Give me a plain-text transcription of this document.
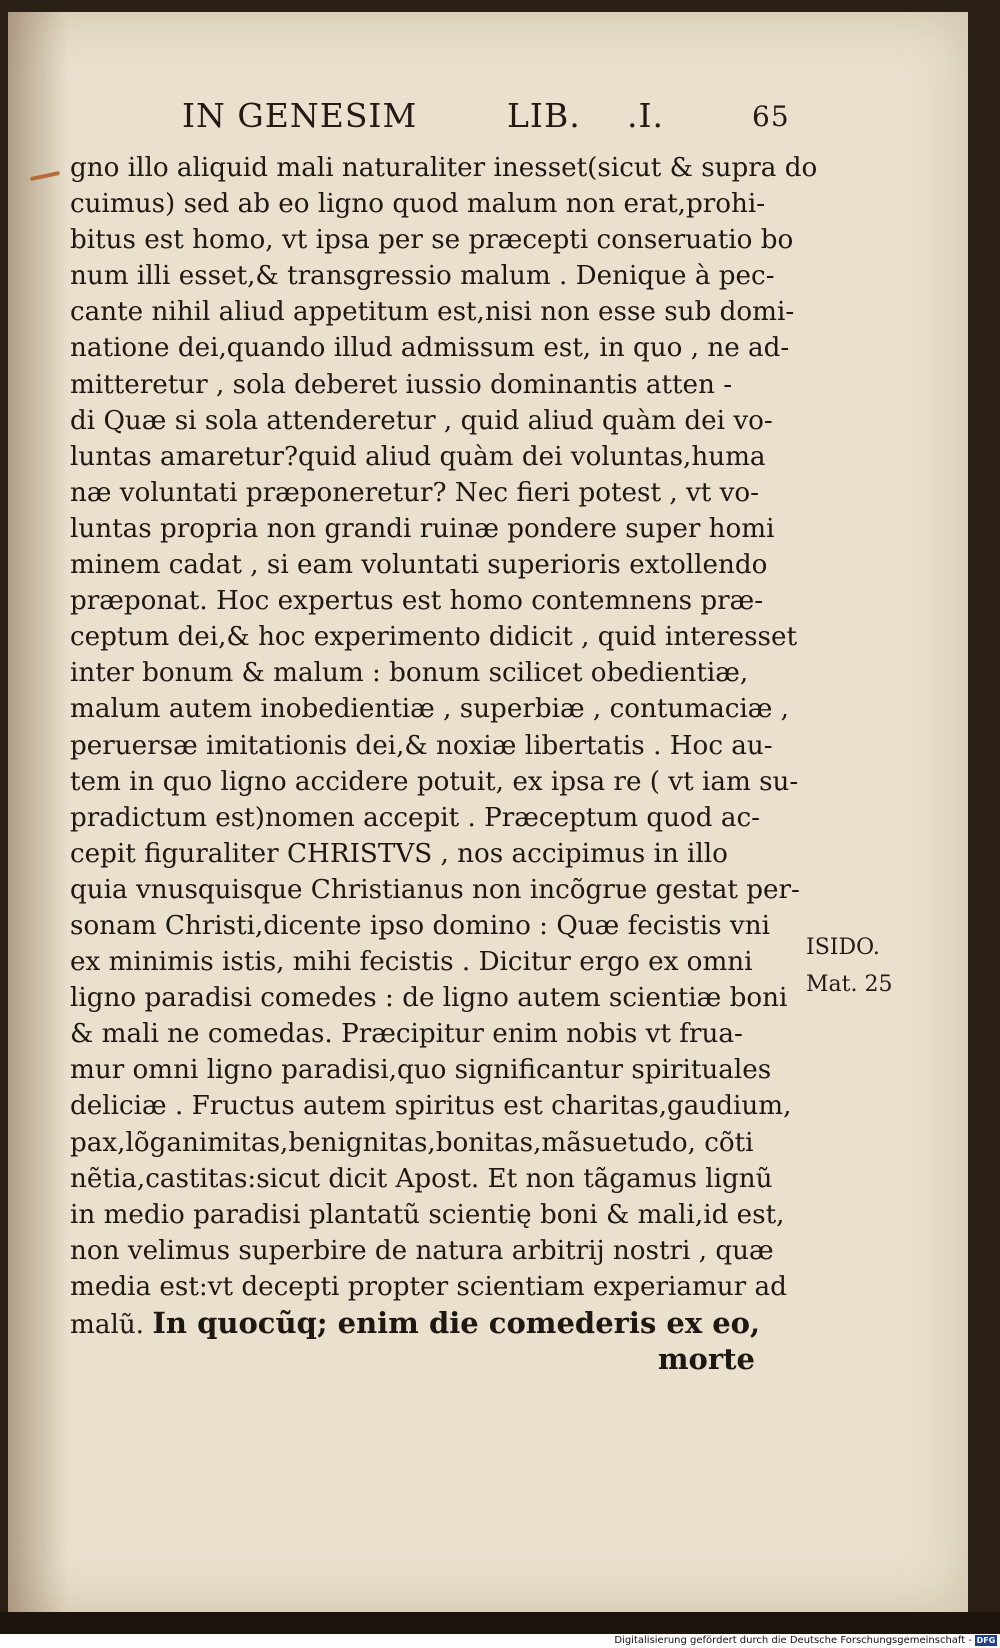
IN GENESIM	LIB. .I.	65
gno illo aliquid mali naturaliter inesset(sicut & supra do
cuimus) sed ab eo ligno quod malum non erat,prohi-
bitus est homo, vt ipsa per se præcepti conseruatio bo
num illi esset,& transgressio malum . Denique à pec-
cante nihil aliud appetitum est,nisi non esse sub domi-
natione dei,quando illud admissum est, in quo , ne ad-
mitteretur , sola deberet iussio dominantis atten -
di Quæ si sola attenderetur , quid aliud quàm dei vo-
luntas amaretur?quid aliud quàm dei voluntas,huma
næ voluntati præponeretur? Nec fieri potest , vt vo-
luntas propria non grandi ruinæ pondere super homi
minem cadat , si eam voluntati superioris extollendo
præponat. Hoc expertus est homo contemnens præ-
ceptum dei,& hoc experimento didicit , quid interesset
inter bonum & malum : bonum scilicet obedientiæ,
malum autem inobedientiæ , superbiæ , contumaciæ ,
peruersæ imitationis dei,& noxiæ libertatis . Hoc au-
tem in quo ligno accidere potuit, ex ipsa re ( vt iam su-
pradictum est)nomen accepit . Præceptum quod ac-
cepit figuraliter CHRISTVS , nos accipimus in illo
quia vnusquisque Christianus non incõgrue gestat per-
sonam Christi,dicente ipso domino : Quæ fecistis vni
ex minimis istis, mihi fecistis . Dicitur ergo ex omni
ligno paradisi comedes : de ligno autem scientiæ boni
& mali ne comedas. Præcipitur enim nobis vt frua-
mur omni ligno paradisi,quo significantur spirituales
deliciæ . Fructus autem spiritus est charitas,gaudium,
pax,lõganimitas,benignitas,bonitas,mãsuetudo, cõti
nẽtia,castitas:sicut dicit Apost. Et non tãgamus lignũ
in medio paradisi plantatũ scientię boni & mali,id est,
non velimus superbire de natura arbitrij nostri , quæ
media est:vt decepti propter scientiam experiamur ad
malũ. In quocũq; enim die comederis ex eo,
morte
ISIDO.
Mat. 25
Digitalisierung gefördert durch die Deutsche Forschungsgemeinschaft - DFG
